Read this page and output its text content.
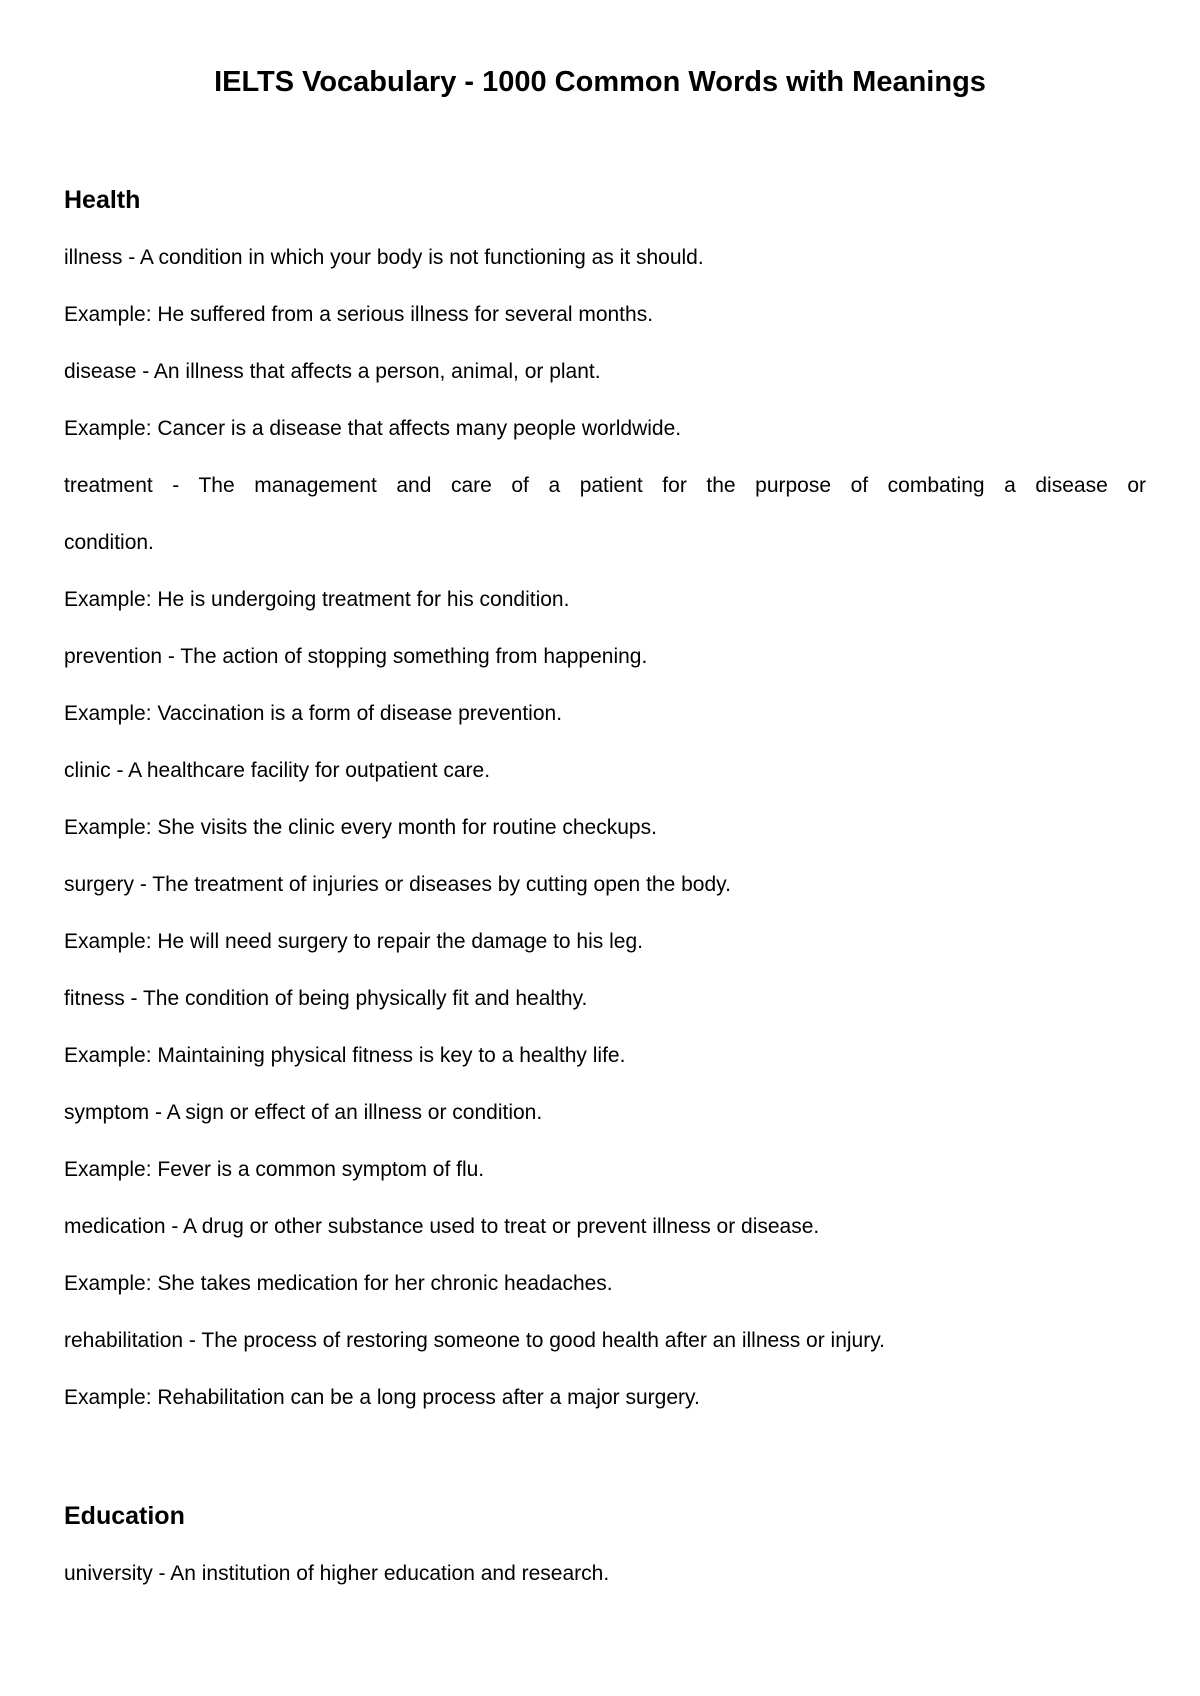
IELTS Vocabulary - 1000 Common Words with Meanings
Health

illness - A condition in which your body is not functioning as it should.

Example: He suffered from a serious illness for several months.

disease - An illness that affects a person, animal, or plant.

Example: Cancer is a disease that affects many people worldwide.

treatment - The management and care of a patient for the purpose of combating a disease or

condition.

Example: He is undergoing treatment for his condition.

prevention - The action of stopping something from happening.

Example: Vaccination is a form of disease prevention.

clinic - A healthcare facility for outpatient care.

Example: She visits the clinic every month for routine checkups.

surgery - The treatment of injuries or diseases by cutting open the body.

Example: He will need surgery to repair the damage to his leg.

fitness - The condition of being physically fit and healthy.

Example: Maintaining physical fitness is key to a healthy life.

symptom - A sign or effect of an illness or condition.

Example: Fever is a common symptom of flu.

medication - A drug or other substance used to treat or prevent illness or disease.

Example: She takes medication for her chronic headaches.

rehabilitation - The process of restoring someone to good health after an illness or injury.

Example: Rehabilitation can be a long process after a major surgery.

Education

university - An institution of higher education and research.
